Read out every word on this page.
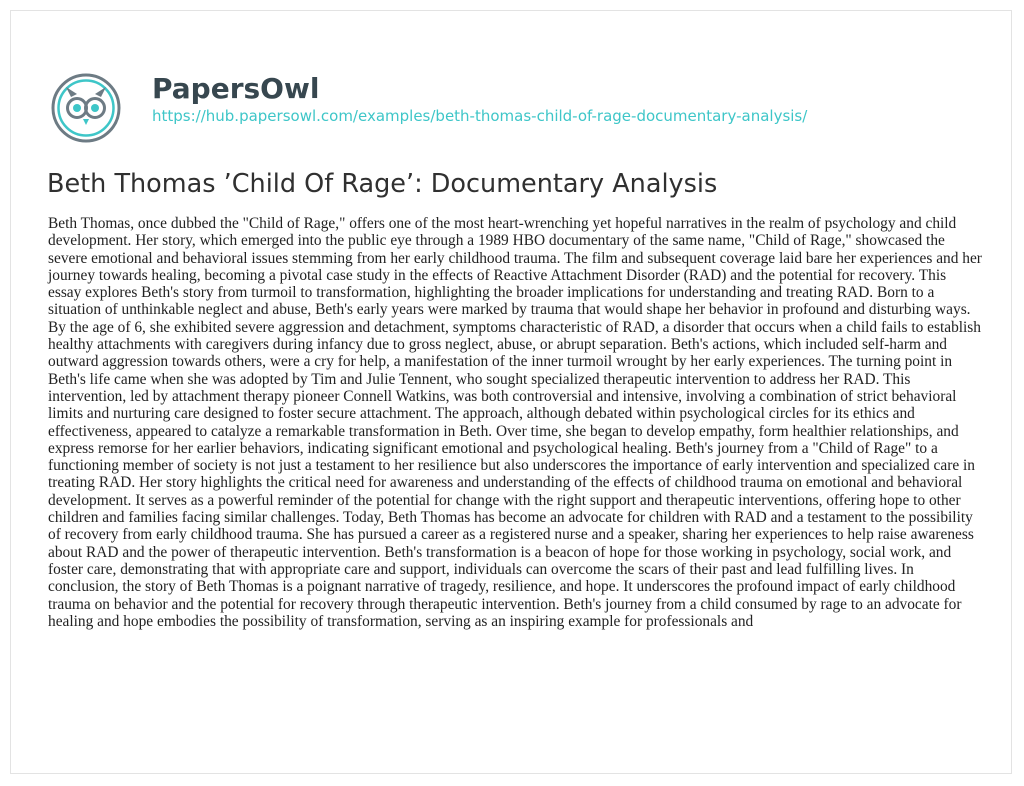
PapersOwl
https://hub.papersowl.com/examples/beth-thomas-child-of-rage-documentary-analysis/
Beth Thomas ’Child Of Rage’: Documentary Analysis

Beth Thomas, once dubbed the "Child of Rage," offers one of the most heart-wrenching yet hopeful narratives in the realm of psychology and child development. Her story, which emerged into the public eye through a 1989 HBO documentary of the same name, "Child of Rage," showcased the severe emotional and behavioral issues stemming from her early childhood trauma. The film and subsequent coverage laid bare her experiences and her journey towards healing, becoming a pivotal case study in the effects of Reactive Attachment Disorder (RAD) and the potential for recovery. This essay explores Beth's story from turmoil to transformation, highlighting the broader implications for understanding and treating RAD. Born to a situation of unthinkable neglect and abuse, Beth's early years were marked by trauma that would shape her behavior in profound and disturbing ways. By the age of 6, she exhibited severe aggression and detachment, symptoms characteristic of RAD, a disorder that occurs when a child fails to establish healthy attachments with caregivers during infancy due to gross neglect, abuse, or abrupt separation. Beth's actions, which included self-harm and outward aggression towards others, were a cry for help, a manifestation of the inner turmoil wrought by her early experiences. The turning point in Beth's life came when she was adopted by Tim and Julie Tennent, who sought specialized therapeutic intervention to address her RAD. This intervention, led by attachment therapy pioneer Connell Watkins, was both controversial and intensive, involving a combination of strict behavioral limits and nurturing care designed to foster secure attachment. The approach, although debated within psychological circles for its ethics and effectiveness, appeared to catalyze a remarkable transformation in Beth. Over time, she began to develop empathy, form healthier relationships, and express remorse for her earlier behaviors, indicating significant emotional and psychological healing. Beth's journey from a "Child of Rage" to a functioning member of society is not just a testament to her resilience but also underscores the importance of early intervention and specialized care in treating RAD. Her story highlights the critical need for awareness and understanding of the effects of childhood trauma on emotional and behavioral development. It serves as a powerful reminder of the potential for change with the right support and therapeutic interventions, offering hope to other children and families facing similar challenges. Today, Beth Thomas has become an advocate for children with RAD and a testament to the possibility of recovery from early childhood trauma. She has pursued a career as a registered nurse and a speaker, sharing her experiences to help raise awareness about RAD and the power of therapeutic intervention. Beth's transformation is a beacon of hope for those working in psychology, social work, and foster care, demonstrating that with appropriate care and support, individuals can overcome the scars of their past and lead fulfilling lives. In conclusion, the story of Beth Thomas is a poignant narrative of tragedy, resilience, and hope. It underscores the profound impact of early childhood trauma on behavior and the potential for recovery through therapeutic intervention. Beth's journey from a child consumed by rage to an advocate for healing and hope embodies the possibility of transformation, serving as an inspiring example for professionals and
